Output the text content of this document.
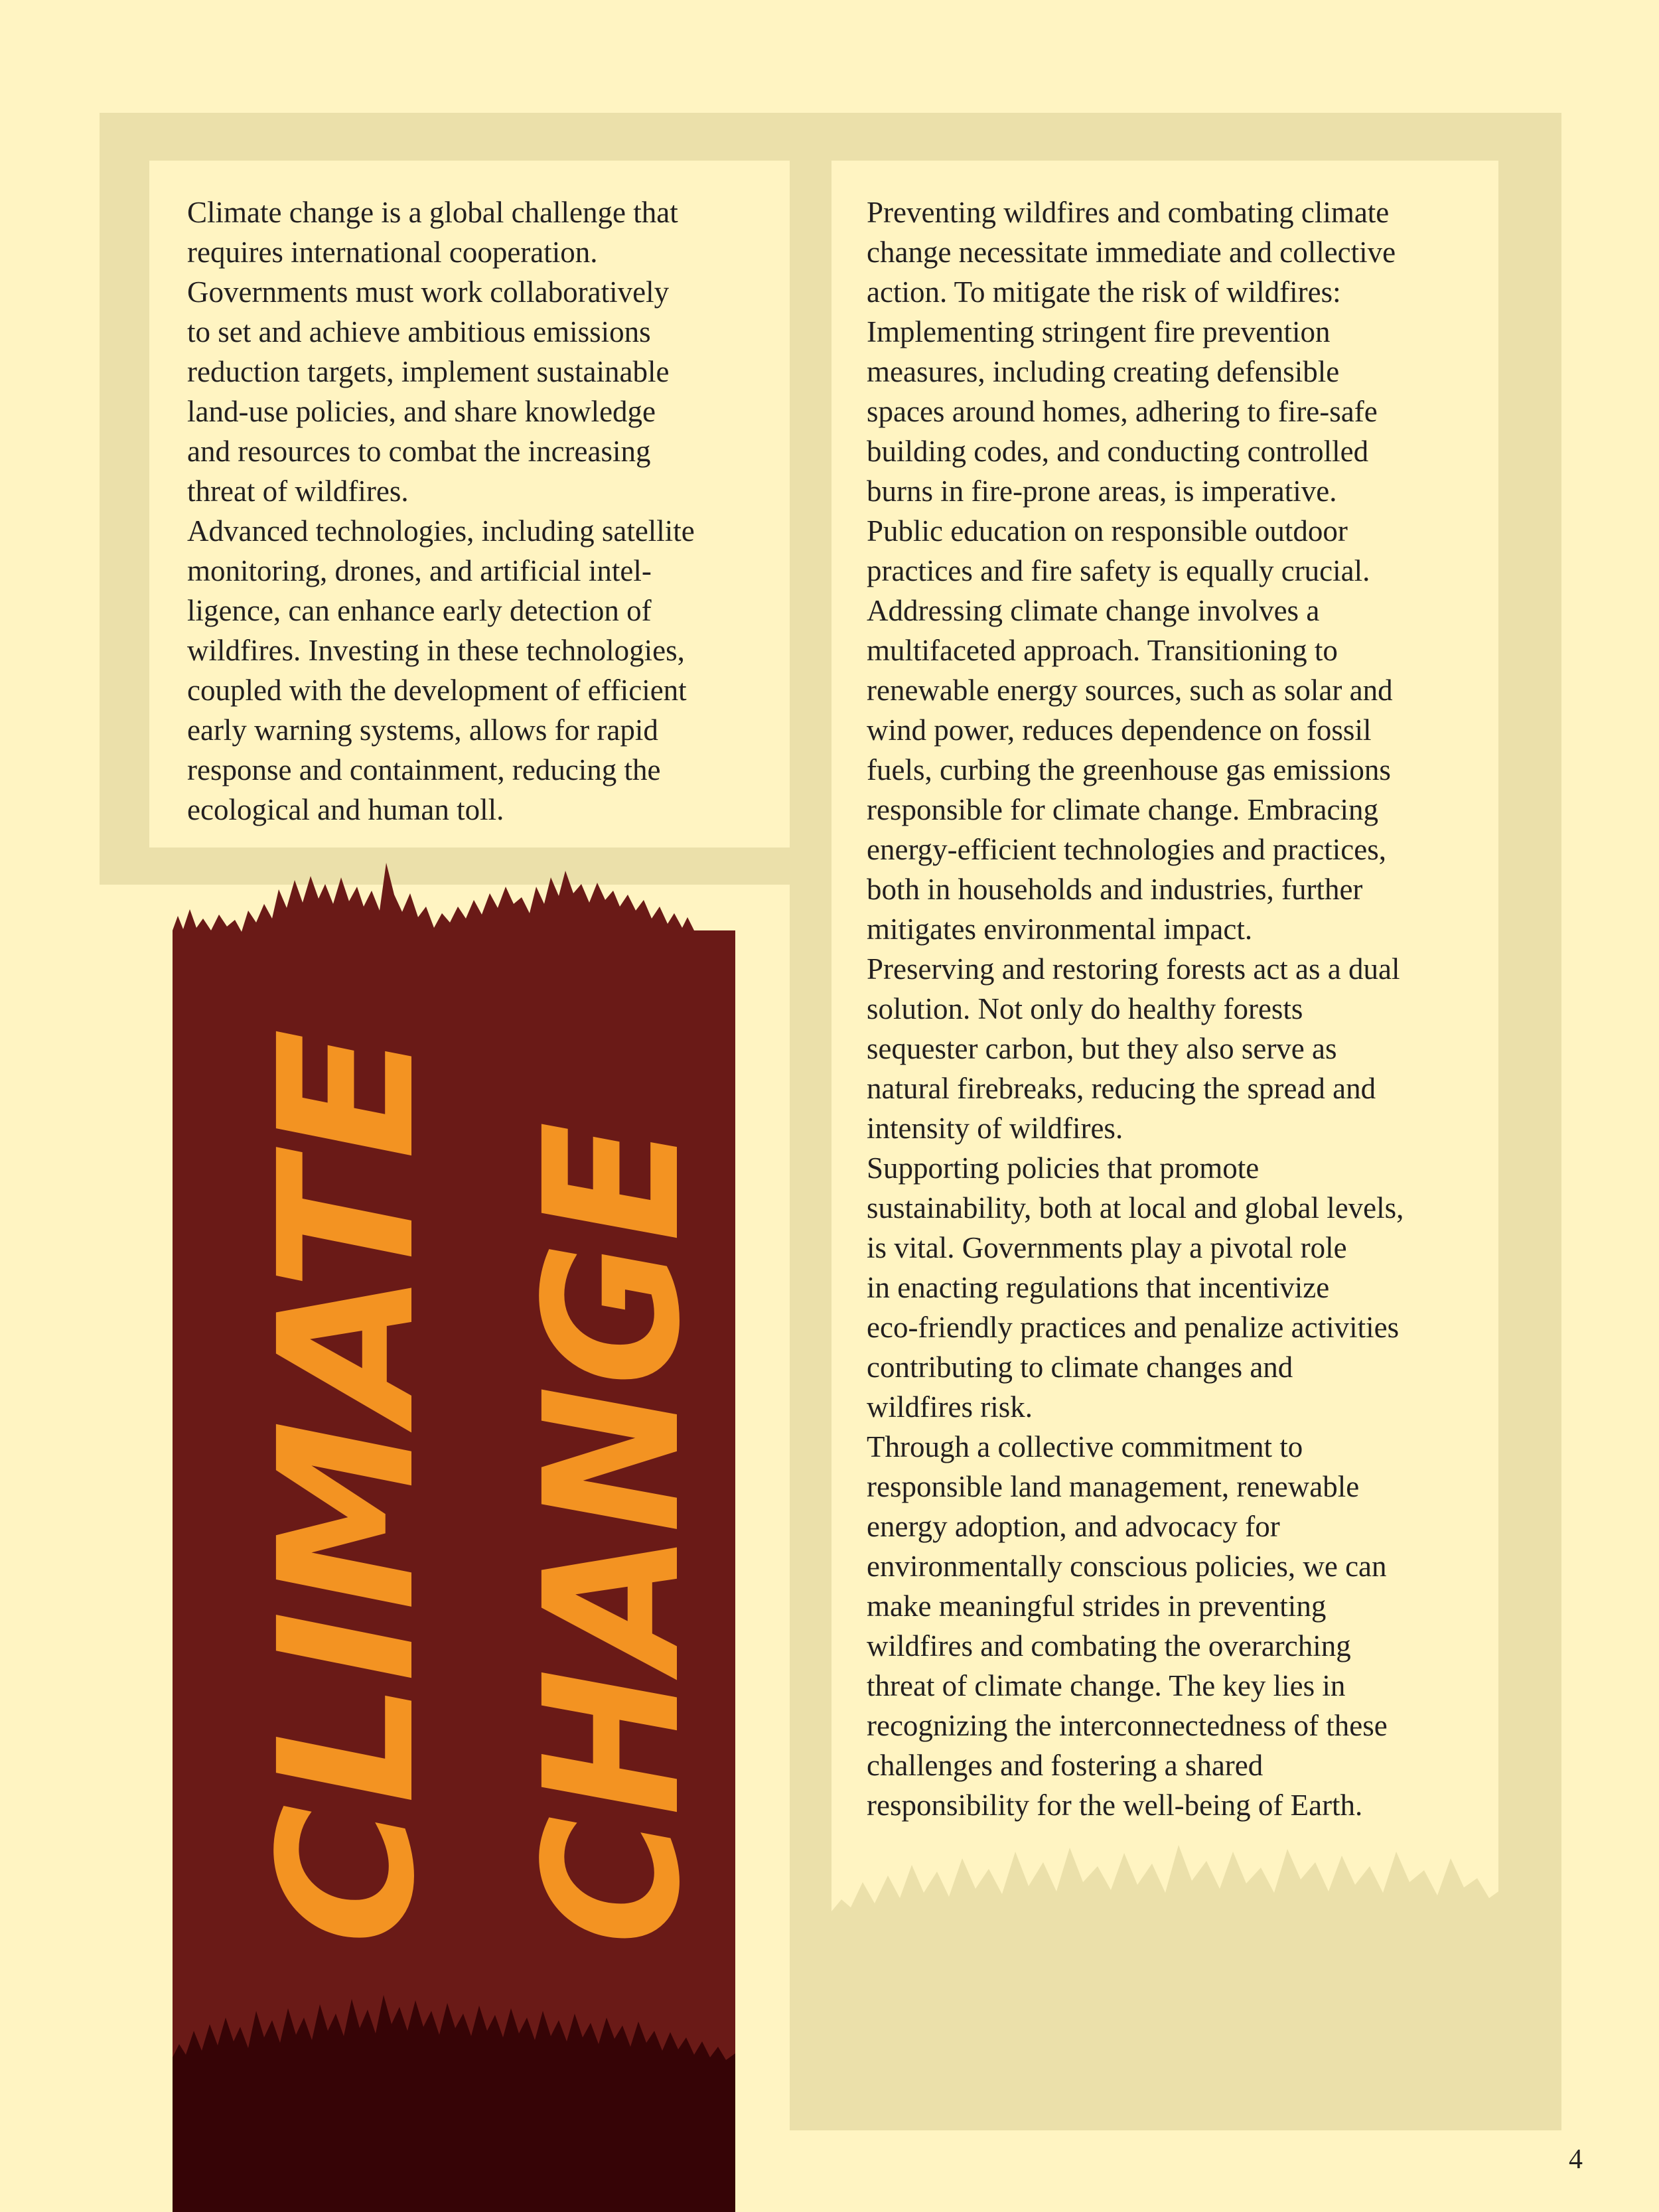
CLIMATE CHANGE

Climate change is a global challenge that
requires international cooperation.
Governments must work collaboratively
to set and achieve ambitious emissions
reduction targets, implement sustainable
land-use policies, and share knowledge
and resources to combat the increasing
threat of wildfires.

Advanced technologies, including satellite
monitoring, drones, and artificial intel-
ligence, can enhance early detection of
wildfires. Investing in these technologies,
coupled with the development of efficient
early warning systems, allows for rapid
response and containment, reducing the
ecological and human toll.

Preventing wildfires and combating climate
change necessitate immediate and collective
action. To mitigate the risk of wildfires:
Implementing stringent fire prevention
measures, including creating defensible
spaces around homes, adhering to fire-safe
building codes, and conducting controlled
burns in fire-prone areas, is imperative.
Public education on responsible outdoor
practices and fire safety is equally crucial.

Addressing climate change involves a
multifaceted approach. Transitioning to
renewable energy sources, such as solar and
wind power, reduces dependence on fossil
fuels, curbing the greenhouse gas emissions
responsible for climate change. Embracing
energy-efficient technologies and practices,
both in households and industries, further
mitigates environmental impact.

Preserving and restoring forests act as a dual
solution. Not only do healthy forests
sequester carbon, but they also serve as
natural firebreaks, reducing the spread and
intensity of wildfires.

Supporting policies that promote
sustainability, both at local and global levels,
is vital. Governments play a pivotal role
in enacting regulations that incentivize
eco-friendly practices and penalize activities
contributing to climate changes and
wildfires risk.

Through a collective commitment to
responsible land management, renewable
energy adoption, and advocacy for
environmentally conscious policies, we can
make meaningful strides in preventing
wildfires and combating the overarching
threat of climate change. The key lies in
recognizing the interconnectedness of these
challenges and fostering a shared
responsibility for the well-being of Earth.

4
